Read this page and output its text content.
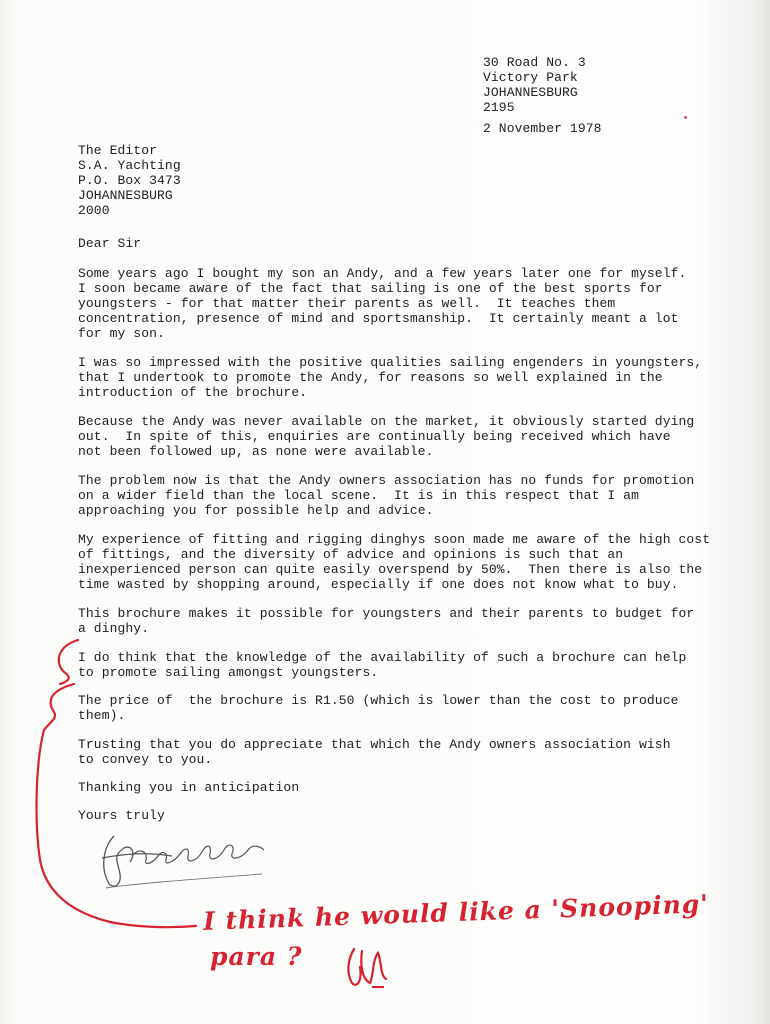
30 Road No. 3
Victory Park
JOHANNESBURG
2195
2 November 1978
The Editor
S.A. Yachting
P.O. Box 3473
JOHANNESBURG
2000
Dear Sir
Some years ago I bought my son an Andy, and a few years later one for myself.
I soon became aware of the fact that sailing is one of the best sports for
youngsters - for that matter their parents as well.  It teaches them
concentration, presence of mind and sportsmanship.  It certainly meant a lot
for my son.
I was so impressed with the positive qualities sailing engenders in youngsters,
that I undertook to promote the Andy, for reasons so well explained in the
introduction of the brochure.
Because the Andy was never available on the market, it obviously started dying
out.  In spite of this, enquiries are continually being received which have
not been followed up, as none were available.
The problem now is that the Andy owners association has no funds for promotion
on a wider field than the local scene.  It is in this respect that I am
approaching you for possible help and advice.
My experience of fitting and rigging dinghys soon made me aware of the high cost
of fittings, and the diversity of advice and opinions is such that an
inexperienced person can quite easily overspend by 50%.  Then there is also the
time wasted by shopping around, especially if one does not know what to buy.
This brochure makes it possible for youngsters and their parents to budget for
a dinghy.
I do think that the knowledge of the availability of such a brochure can help
to promote sailing amongst youngsters.
The price of  the brochure is R1.50 (which is lower than the cost to produce
them).
Trusting that you do appreciate that which the Andy owners association wish
to convey to you.
Thanking you in anticipation
Yours truly
I think he would like a 'Snooping'
para ?
